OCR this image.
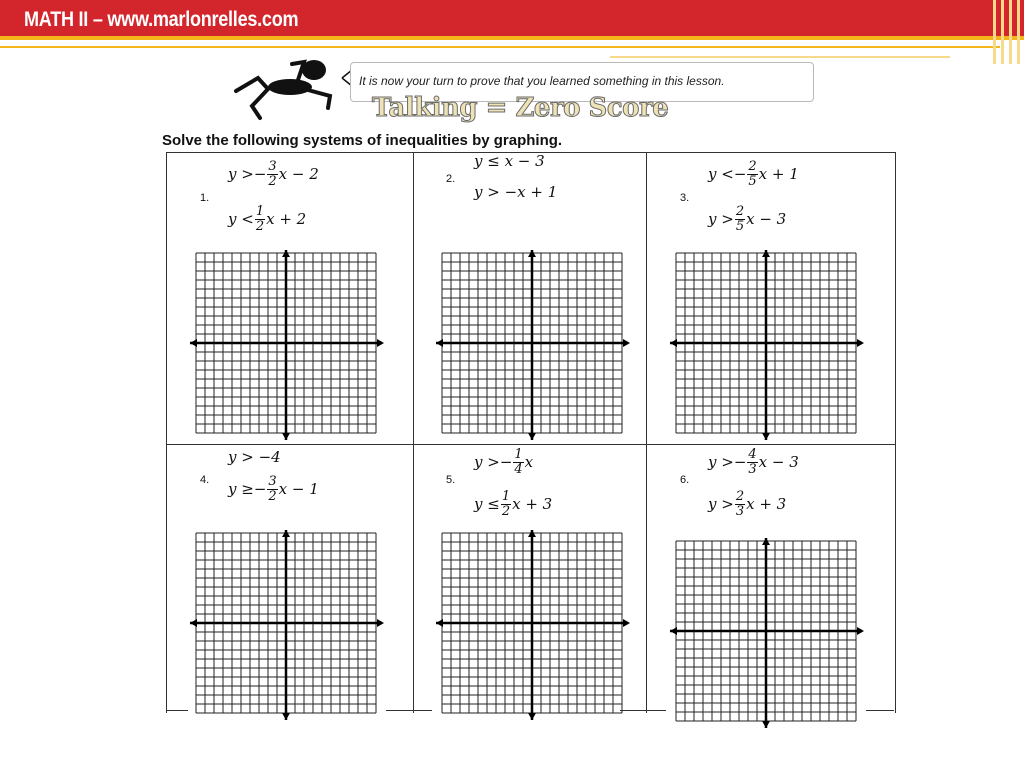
MATH II – www.marlonrelles.com
It is now your turn to prove that you learned something in this lesson.
Talking = Zero Score
Solve the following systems of inequalities by graphing.
1.
$y >- \frac{3}{2}$ x − 2
$y < \frac{1}{2}$ x + 2
2.
y ≤ x − 3
y > −x + 1	3.
$y <- \frac{2}{5}$ x + 1
$y > \frac{2}{5}$ x − 3
4.
y > −4
$y \ge- \frac{3}{2}$ x − 1	5.
$y >- \frac{1}{4}$ x
$y \le \frac{1}{2}$ x + 3
6.
$y >- \frac{4}{3}$ x − 3
$y > \frac{2}{3}$ x + 3
